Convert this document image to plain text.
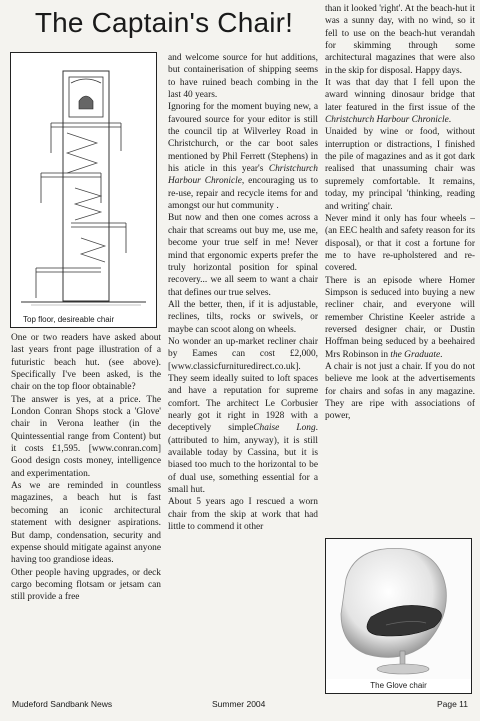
The Captain's Chair!
Top floor, desireable chair

One or two readers have asked about last years front page illustration of a futuristic beach hut. (see above). Specifically I've been asked, is the chair on the top floor obtainable?

The answer is yes, at a price. The London Conran Shops stock a 'Glove' chair in Verona leather (in the Quintessential range from Content) but it costs £1,595. [www.conran.com] Good design costs money, intelligence and experimentation.

As we are reminded in countless magazines, a beach hut is fast becoming an iconic architectural statement with designer aspirations. But damp, condensation, security and expense should mitigate against anyone having too grandiose ideas.

Other people having upgrades, or deck cargo becoming flotsam or jetsam can still provide a free

and welcome source for hut additions, but containerisation of shipping seems to have ruined beach combing in the last 40 years.

Ignoring for the moment buying new, a favoured source for your editor is still the council tip at Wilverley Road in Christchurch, or the car boot sales mentioned by Phil Ferrett (Stephens) in his aticle in this year's Christchurch Harbour Chronicle, encouraging us to re-use, repair and recycle items for and amongst our hut community .

But now and then one comes across a chair that screams out buy me, use me, become your true self in me! Never mind that ergonomic experts prefer the truly horizontal position for spinal recovery... we all seem to want a chair that defines our true selves.

All the better, then, if it is adjustable, reclines, tilts, rocks or swivels, or maybe can scoot along on wheels.

No wonder an up-market recliner chair by Eames can cost £2,000, [www.classicfurnituredirect.co.uk]. They seem ideally suited to loft spaces and have a reputation for supreme comfort. The architect Le Corbusier nearly got it right in 1928 with a deceptively simpleChaise Long. (attributed to him, anyway), it is still available today by Cassina, but it is biased too much to the horizontal to be of dual use, something essential for a small hut.

About 5 years ago I rescued a worn chair from the skip at work that had little to commend it other

than it looked 'right'. At the beach-hut it was a sunny day, with no wind, so it fell to use on the beach-hut verandah for skimming through some architectural magazines that were also in the skip for disposal. Happy days.

It was that day that I fell upon the award winning dinosaur bridge that later featured in the first issue of the Christchurch Harbour Chronicle.

Unaided by wine or food, without interruption or distractions, I finished the pile of magazines and as it got dark realised that unassuming chair was supremely comfortable. It remains, today, my principal 'thinking, reading and writing' chair.

Never mind it only has four wheels – (an EEC health and safety reason for its disposal), or that it cost a fortune for me to have re-upholstered and re-covered.

There is an episode where Homer Simpson is seduced into buying a new recliner chair, and everyone will remember Christine Keeler astride a reversed designer chair, or Dustin Hoffman being seduced by a beehaired Mrs Robinson in the Graduate.

A chair is not just a chair. If you do not believe me look at the advertisements for chairs and sofas in any magazine. They are ripe with associations of power,

The Glove chair
Mudeford Sandbank News	Summer 2004	Page 11
